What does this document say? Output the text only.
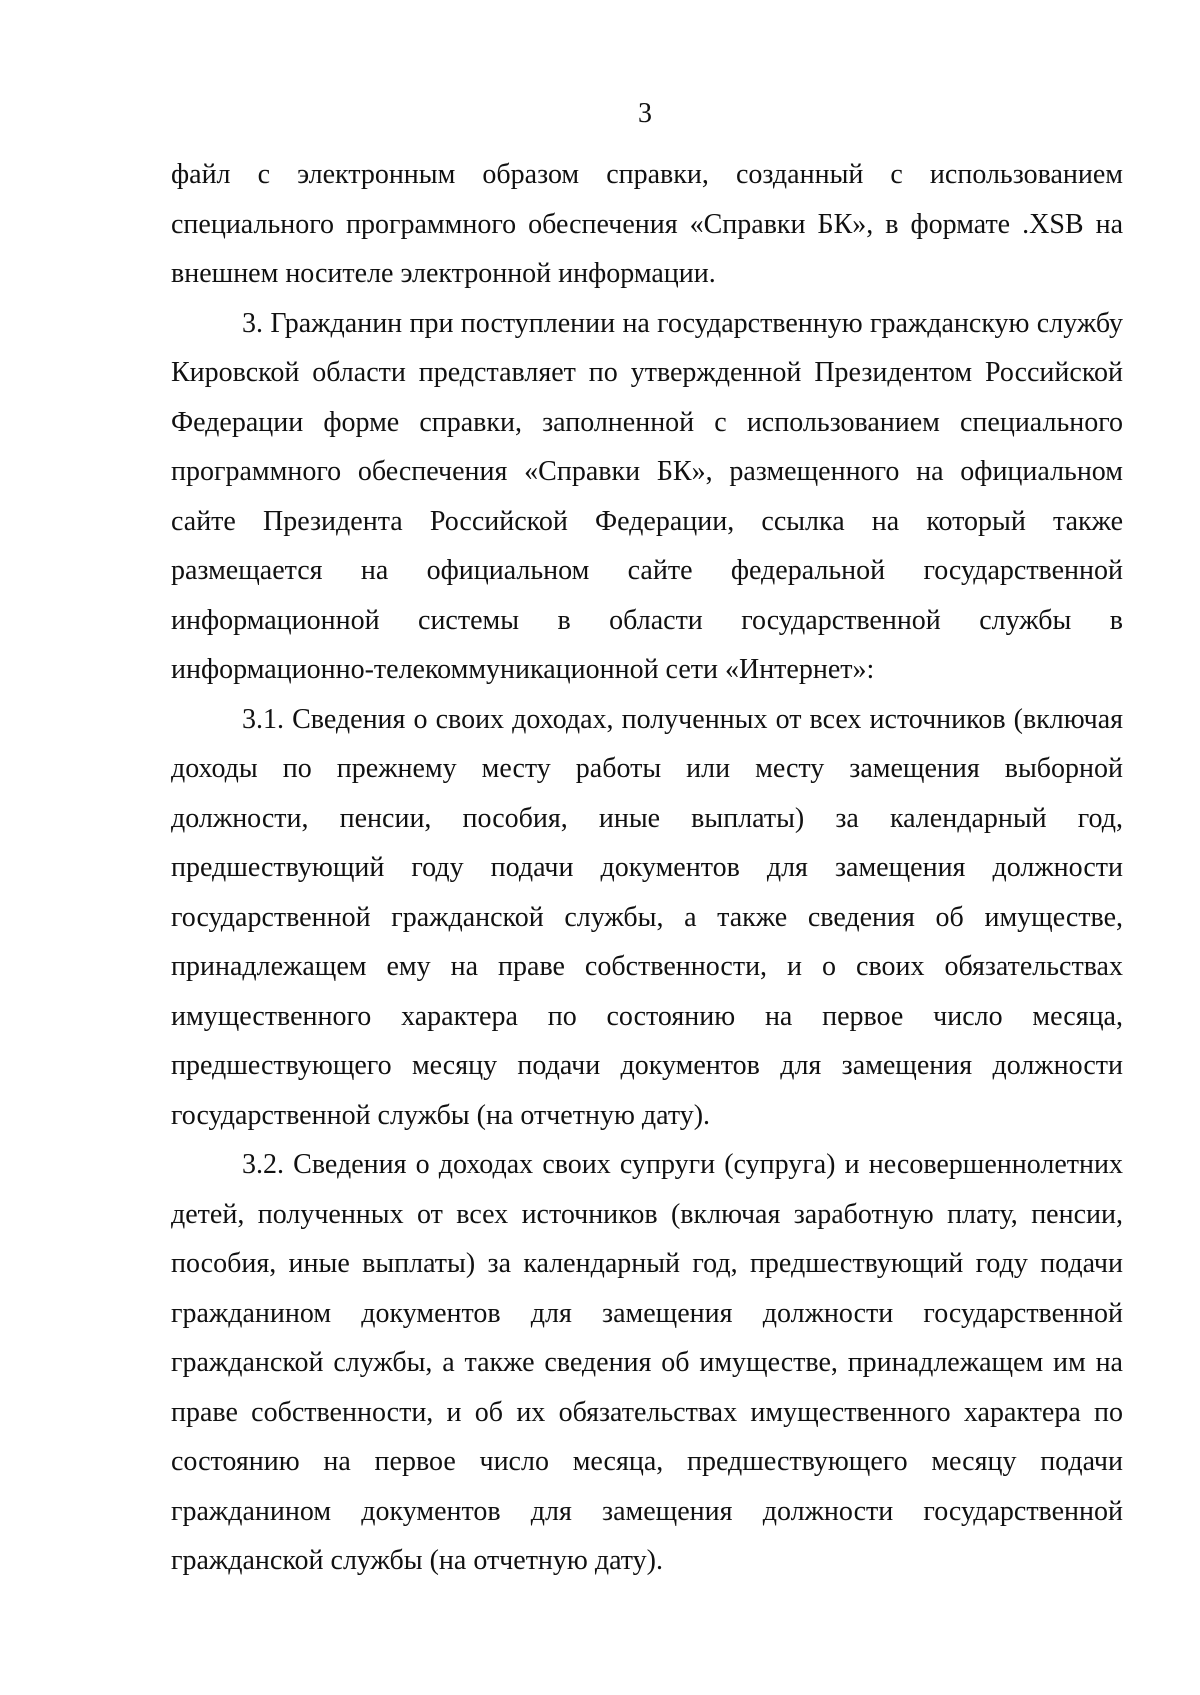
3

файл с электронным образом справки, созданный с использованием специального программного обеспечения «Справки БК», в формате .XSB на внешнем носителе электронной информации.

3. Гражданин при поступлении на государственную гражданскую службу Кировской области представляет по утвержденной Президентом Российской Федерации форме справки, заполненной с использованием специального программного обеспечения «Справки БК», размещенного на официальном сайте Президента Российской Федерации, ссылка на который также размещается на официальном сайте федеральной государственной информационной системы в области государственной службы в информационно-телекоммуникационной сети «Интернет»:

3.1. Сведения о своих доходах, полученных от всех источников (включая доходы по прежнему месту работы или месту замещения выборной должности, пенсии, пособия, иные выплаты) за календарный год, предшествующий году подачи документов для замещения должности государственной гражданской службы, а также сведения об имуществе, принадлежащем ему на праве собственности, и о своих обязательствах имущественного характера по состоянию на первое число месяца, предшествующего месяцу подачи документов для замещения должности государственной службы (на отчетную дату).

3.2. Сведения о доходах своих супруги (супруга) и несовершеннолетних детей, полученных от всех источников (включая заработную плату, пенсии, пособия, иные выплаты) за календарный год, предшествующий году подачи гражданином документов для замещения должности государственной гражданской службы, а также сведения об имуществе, принадлежащем им на праве собственности, и об их обязательствах имущественного характера по состоянию на первое число месяца, предшествующего месяцу подачи гражданином документов для замещения должности государственной гражданской службы (на отчетную дату).
